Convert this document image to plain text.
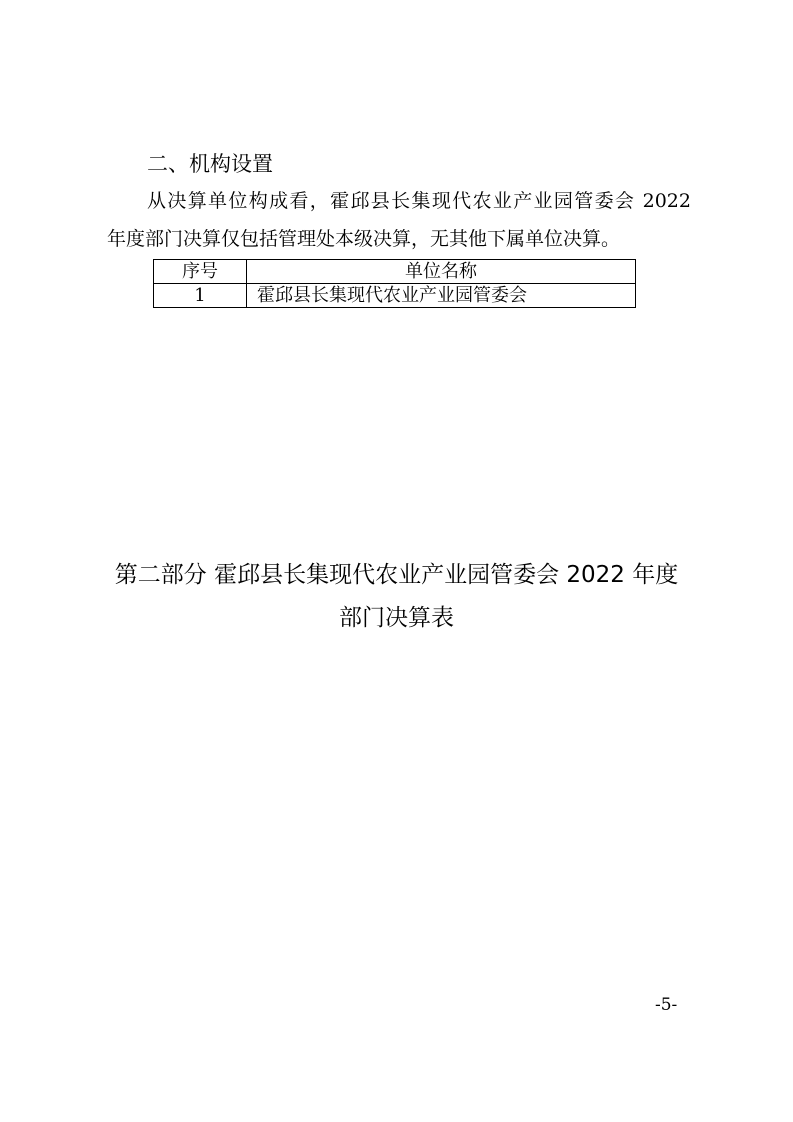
二、机构设置
从决算单位构成看，霍邱县长集现代农业产业园管委会 2022
年度部门决算仅包括管理处本级决算，无其他下属单位决算。
序号	单位名称
1	霍邱县长集现代农业产业园管委会
第二部分 霍邱县长集现代农业产业园管委会 2022 年度
部门决算表
-5-
